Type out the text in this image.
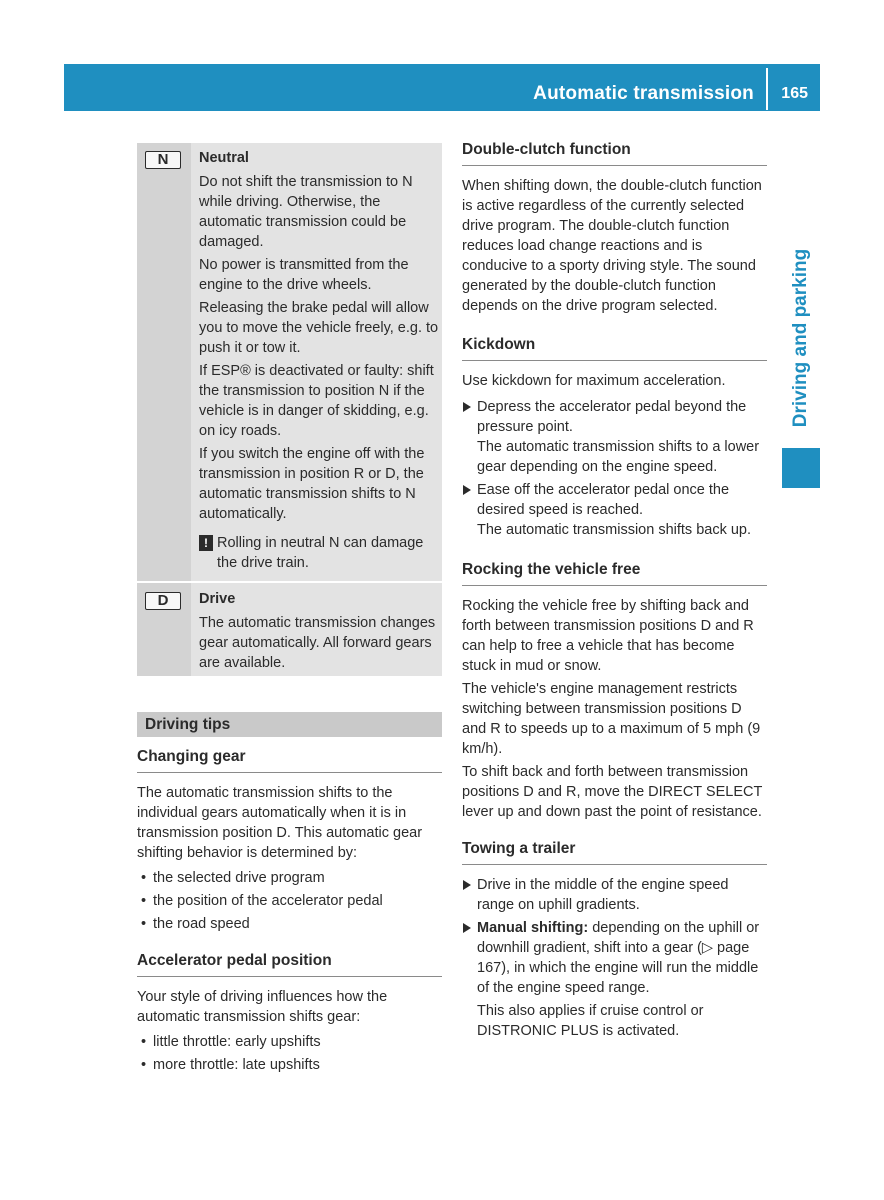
Automatic transmission 165
Driving and parking
N	Neutral

Do not shift the transmission to N while driving. Otherwise, the automatic transmission could be damaged.

No power is transmitted from the engine to the drive wheels.

Releasing the brake pedal will allow you to move the vehicle freely, e.g. to push it or tow it.

If ESP® is deactivated or faulty: shift the transmission to position N if the vehicle is in danger of skidding, e.g. on icy roads.

If you switch the engine off with the transmission in position R or D, the automatic transmission shifts to N automatically.

! Rolling in neutral N can damage the drive train.
D	Drive

The automatic transmission changes gear automatically. All forward gears are available.

Driving tips
Changing gear

The automatic transmission shifts to the individual gears automatically when it is in transmission position D. This automatic gear shifting behavior is determined by:

• the selected drive program
• the position of the accelerator pedal
• the road speed
Accelerator pedal position

Your style of driving influences how the automatic transmission shifts gear:

• little throttle: early upshifts
• more throttle: late upshifts
Double-clutch function

When shifting down, the double-clutch function is active regardless of the currently selected drive program. The double-clutch function reduces load change reactions and is conducive to a sporty driving style. The sound generated by the double-clutch function depends on the drive program selected.

Kickdown

Use kickdown for maximum acceleration.

Depress the accelerator pedal beyond the pressure point.
The automatic transmission shifts to a lower gear depending on the engine speed.
Ease off the accelerator pedal once the desired speed is reached.
The automatic transmission shifts back up.
Rocking the vehicle free

Rocking the vehicle free by shifting back and forth between transmission positions D and R can help to free a vehicle that has become stuck in mud or snow.

The vehicle's engine management restricts switching between transmission positions D and R to speeds up to a maximum of 5 mph (9 km/h).

To shift back and forth between transmission positions D and R, move the DIRECT SELECT lever up and down past the point of resistance.

Towing a trailer
Drive in the middle of the engine speed range on uphill gradients.
Manual shifting: depending on the uphill or downhill gradient, shift into a gear (▷ page 167), in which the engine will run the middle of the engine speed range.
This also applies if cruise control or DISTRONIC PLUS is activated.
